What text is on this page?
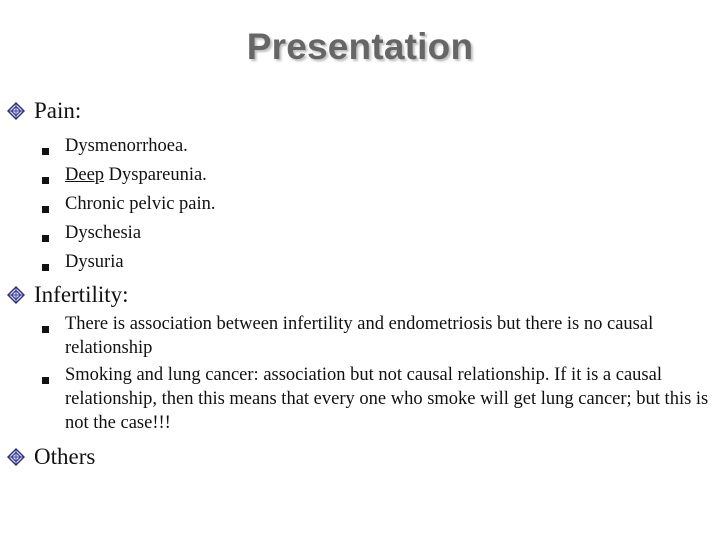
Presentation
Pain:
Dysmenorrhoea.
Deep Dyspareunia.
Chronic pelvic pain.
Dyschesia
Dysuria
Infertility:
There is association between infertility and endometriosis but there is no causal relationship
Smoking and lung cancer: association but not causal relationship. If it is a causal relationship, then this means that every one who smoke will get lung cancer; but this is not the case!!!
Others
